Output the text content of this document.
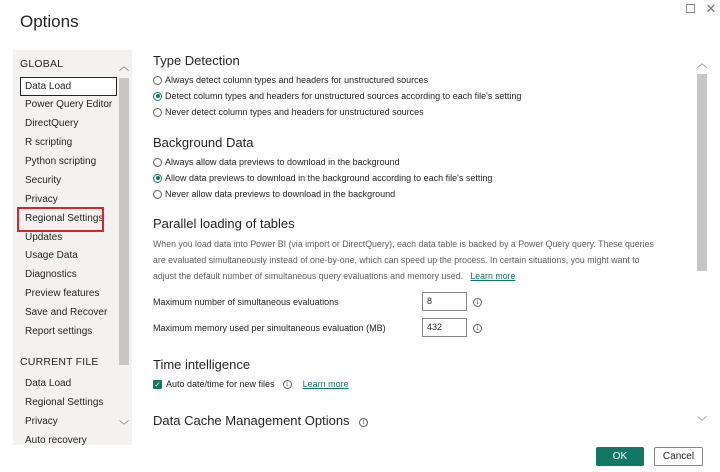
Options
✕
GLOBAL
Data Load
Power Query Editor
DirectQuery
R scripting
Python scripting
Security
Privacy
Regional Settings
Updates
Usage Data
Diagnostics
Preview features
Save and Recover
Report settings
CURRENT FILE
Data Load
Regional Settings
Privacy
Auto recovery
︿
﹀
Type Detection
Always detect column types and headers for unstructured sources
Detect column types and headers for unstructured sources according to each file's setting
Never detect column types and headers for unstructured sources
Background Data
Always allow data previews to download in the background
Allow data previews to download in the background according to each file's setting
Never allow data previews to download in the background
Parallel loading of tables
When you load data into Power BI (via import or DirectQuery), each data table is backed by a Power Query query. These queries are evaluated simultaneously instead of one-by-one, which can speed up the process. In certain situations, you might want to adjust the default number of simultaneous query evaluations and memory used. Learn more
Maximum number of simultaneous evaluations	8	i
Maximum memory used per simultaneous evaluation (MB)	432	i
Time intelligence
✓ Auto date/time for new files	i	Learn more
Data Cache Management Options i
︿
﹀
OK	Cancel
